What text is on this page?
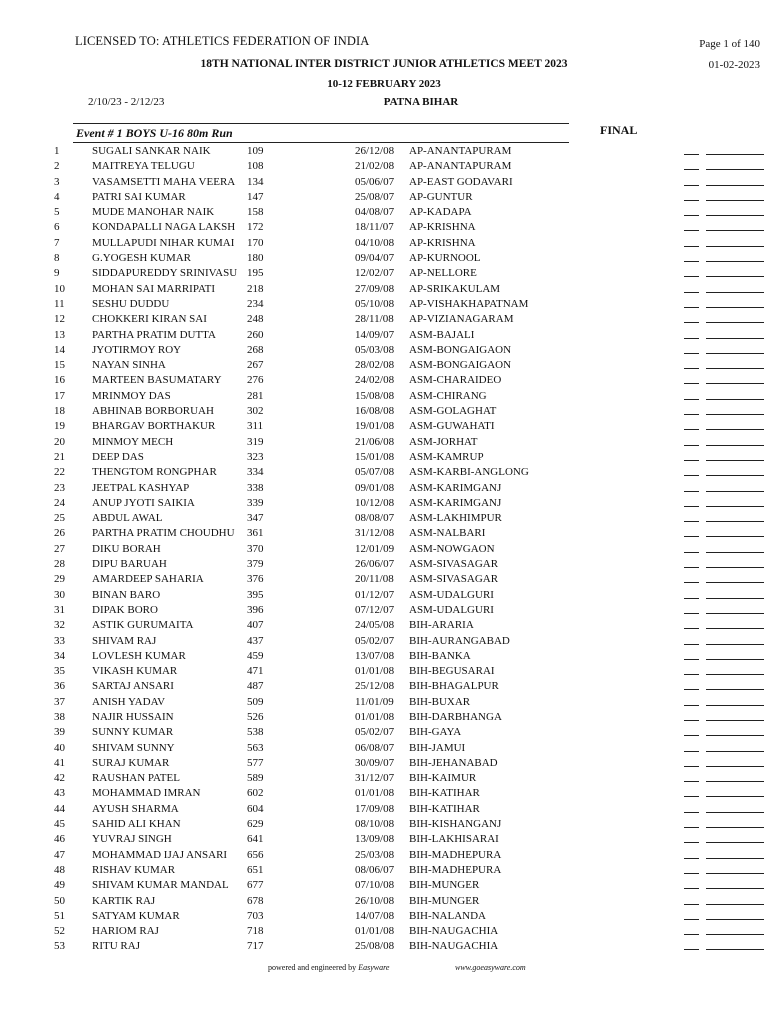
LICENSED TO: ATHLETICS FEDERATION OF INDIA	Page 1 of 140
18TH NATIONAL INTER DISTRICT JUNIOR ATHLETICS MEET 2023	01-02-2023
10-12 FEBRUARY 2023
2/10/23 - 2/12/23	PATNA BIHAR
Event # 1 BOYS U-16 80m Run	FINAL
1	SUGALI SANKAR NAIK	109	26/12/08 AP-ANANTAPURAM
2	MAITREYA TELUGU	108	21/02/08 AP-ANANTAPURAM
3	VASAMSETTI MAHA VEERA	134	05/06/07 AP-EAST GODAVARI
4	PATRI SAI KUMAR	147	25/08/07 AP-GUNTUR
5	MUDE MANOHAR NAIK	158	04/08/07 AP-KADAPA
6	KONDAPALLI NAGA LAKSH	172	18/11/07 AP-KRISHNA
7	MULLAPUDI NIHAR KUMAI	170	04/10/08 AP-KRISHNA
8	G.YOGESH KUMAR	180	09/04/07 AP-KURNOOL
9	SIDDAPUREDDY SRINIVASU 195	12/02/07 AP-NELLORE
10 MOHAN SAI MARRIPATI	218	27/09/08 AP-SRIKAKULAM
11 SESHU DUDDU	234	05/10/08 AP-VISHAKHAPATNAM
12 CHOKKERI KIRAN SAI	248	28/11/08 AP-VIZIANAGARAM
13 PARTHA PRATIM DUTTA	260	14/09/07 ASM-BAJALI
14 JYOTIRMOY ROY	268	05/03/08 ASM-BONGAIGAON
15 NAYAN SINHA	267	28/02/08 ASM-BONGAIGAON
16 MARTEEN BASUMATARY	276	24/02/08 ASM-CHARAIDEO
17 MRINMOY DAS	281	15/08/08 ASM-CHIRANG
18 ABHINAB BORBORUAH	302	16/08/08 ASM-GOLAGHAT
19 BHARGAV BORTHAKUR	311	19/01/08 ASM-GUWAHATI
20 MINMOY MECH	319	21/06/08 ASM-JORHAT
21 DEEP DAS	323	15/01/08 ASM-KAMRUP
22 THENGTOM RONGPHAR	334	05/07/08 ASM-KARBI-ANGLONG
23 JEETPAL KASHYAP	338	09/01/08 ASM-KARIMGANJ
24 ANUP JYOTI SAIKIA	339	10/12/08 ASM-KARIMGANJ
25 ABDUL AWAL	347	08/08/07 ASM-LAKHIMPUR
26 PARTHA PRATIM CHOUDHU	361	31/12/08 ASM-NALBARI
27 DIKU BORAH	370	12/01/09 ASM-NOWGAON
28 DIPU BARUAH	379	26/06/07 ASM-SIVASAGAR
29 AMARDEEP SAHARIA	376	20/11/08 ASM-SIVASAGAR
30 BINAN BARO	395	01/12/07 ASM-UDALGURI
31 DIPAK BORO	396	07/12/07 ASM-UDALGURI
32 ASTIK GURUMAITA	407	24/05/08 BIH-ARARIA
33 SHIVAM RAJ	437	05/02/07 BIH-AURANGABAD
34 LOVLESH KUMAR	459	13/07/08 BIH-BANKA
35 VIKASH KUMAR	471	01/01/08 BIH-BEGUSARAI
36 SARTAJ ANSARI	487	25/12/08 BIH-BHAGALPUR
37 ANISH YADAV	509	11/01/09 BIH-BUXAR
38 NAJIR HUSSAIN	526	01/01/08 BIH-DARBHANGA
39 SUNNY KUMAR	538	05/02/07 BIH-GAYA
40 SHIVAM SUNNY	563	06/08/07 BIH-JAMUI
41 SURAJ KUMAR	577	30/09/07 BIH-JEHANABAD
42 RAUSHAN PATEL	589	31/12/07 BIH-KAIMUR
43 MOHAMMAD IMRAN	602	01/01/08 BIH-KATIHAR
44 AYUSH SHARMA	604	17/09/08 BIH-KATIHAR
45 SAHID ALI KHAN	629	08/10/08 BIH-KISHANGANJ
46 YUVRAJ SINGH	641	13/09/08 BIH-LAKHISARAI
47 MOHAMMAD IJAJ ANSARI	656	25/03/08 BIH-MADHEPURA
48 RISHAV KUMAR	651	08/06/07 BIH-MADHEPURA
49 SHIVAM KUMAR MANDAL	677	07/10/08 BIH-MUNGER
50 KARTIK RAJ	678	26/10/08 BIH-MUNGER
51 SATYAM KUMAR	703	14/07/08 BIH-NALANDA
52 HARIOM RAJ	718	01/01/08 BIH-NAUGACHIA
53 RITU RAJ	717	25/08/08 BIH-NAUGACHIA
powered and engineered by Easyware	www.goeasyware.com
